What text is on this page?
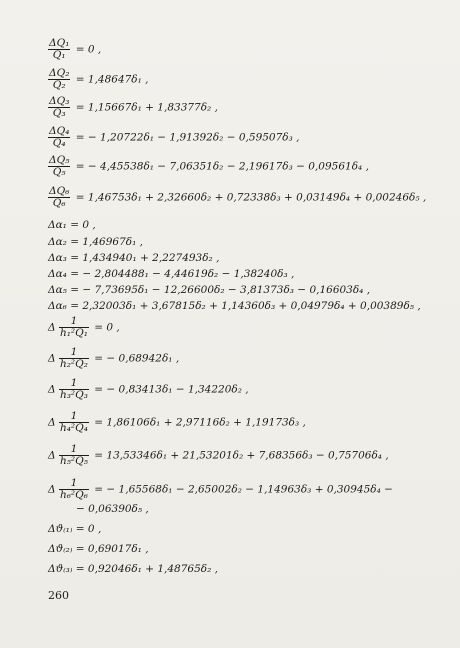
$\frac{\text{ΔQ₁}}{\text{Q₁}} = 0$ ,
$\frac{\text{ΔQ₂}}{\text{Q₂}} = 1,48647\delta_1$ ,
$\frac{\text{ΔQ₃}}{\text{Q₃}} = 1,15667\delta_1 + 1,83377\delta_2$ ,
$\frac{\text{ΔQ₄}}{\text{Q₄}}$ = − 1,20722δ₁ − 1,91392δ₂ − 0,59507δ₃ ,
$\frac{\text{ΔQ₅}}{\text{Q₅}}$ = − 4,45538δ₁ − 7,06351δ₂ − 2,19617δ₃ − 0,09561δ₄ ,
$\frac{\text{ΔQ₆}}{\text{Q₆}} = 1,46753\delta_1 + 2,32660\delta_2 + 0,72338\delta_3 + 0,03149\delta_4 + 0,00246\delta_5$ ,
Δα₁ = 0 ,
Δα₂ = 1,46967δ₁ ,
Δα₃ = 1,434940₁ + 2,227493δ₂ ,
Δα₄ = − 2,804488₁ − 4,44619δ₂ − 1,38240δ₃ ,
Δα₅ = − 7,73695δ₁ − 12,26600δ₂ − 3,81373δ₃ − 0,16603δ₄ ,
Δα₆ = 2,32003δ₁ + 3,67815δ₂ + 1,14360δ₃ + 0,04979δ₄ + 0,00389δ₅ ,
Δ $\frac{1}{\text{h₁²Q₁}} = 0$ ,
Δ $\frac{1}{\text{h₂²Q₂}}$ = − 0,68942δ₁ ,
Δ $\frac{1}{\text{h₃²Q₃}}$ = − 0,83413δ₁ − 1,34220δ₂ ,
Δ $\frac{1}{\text{h₄²Q₄}} = 1,86106\delta_1 + 2,97116\delta_2 + 1,19173\delta_3$ ,
Δ $\frac{1}{\text{h₅²Q₅}} = 13,53346\delta_1 + 21,53201\delta_2 + 7,68356\delta_3 - 0,75706\delta_4$ ,
Δ $\frac{1}{\text{h₆²Q₆}}$ = − 1,65568δ₁ − 2,65002δ₂ − 1,14963δ₃ + 0,30945δ₄ −
− 0,06390δ₅ ,
Δϑ₍₁₎ = 0 ,
Δϑ₍₂₎ = 0,69017δ₁ ,
Δϑ₍₃₎ = 0,92046δ₁ + 1,48765δ₂ ,
260
